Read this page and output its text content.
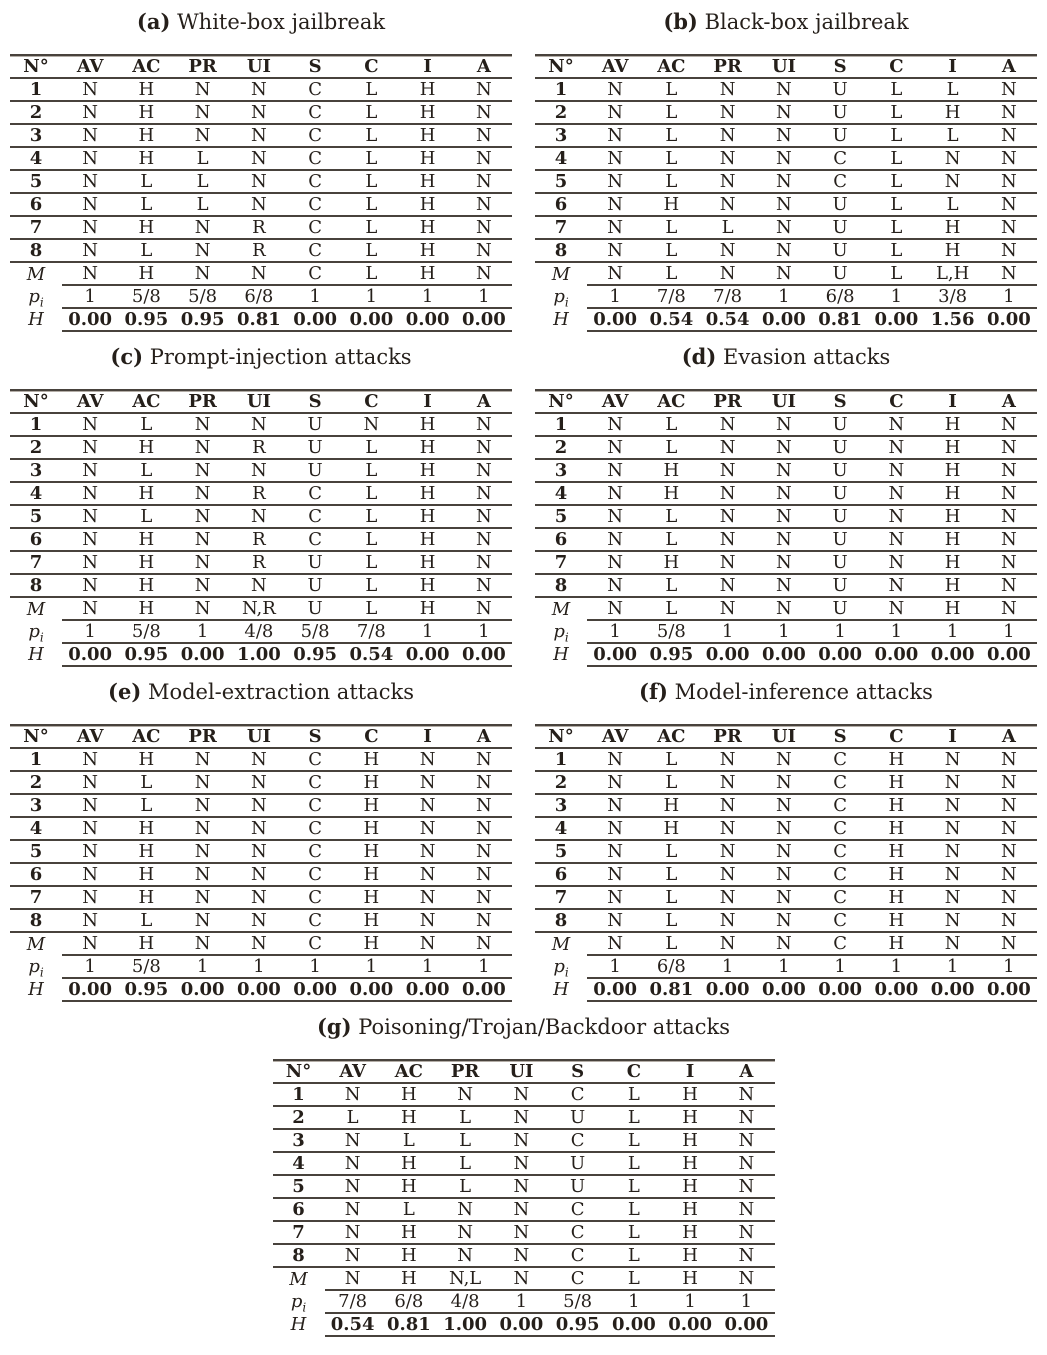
(a) White-box jailbreak
N°	AV	AC	PR	UI	S	C	I	A
1	N	H	N	N	C	L	H	N
2	N	H	N	N	C	L	H	N
3	N	H	N	N	C	L	H	N
4	N	H	L	N	C	L	H	N
5	N	L	L	N	C	L	H	N
6	N	L	L	N	C	L	H	N
7	N	H	N	R	C	L	H	N
8	N	L	N	R	C	L	H	N
M	N	H	N	N	C	L	H	N
$p_i$	1	5/8	5/8	6/8	1	1	1	1
H	0.00	0.95	0.95	0.81	0.00	0.00	0.00	0.00
(b) Black-box jailbreak
N°	AV	AC	PR	UI	S	C	I	A
1	N	L	N	N	U	L	L	N
2	N	L	N	N	U	L	H	N
3	N	L	N	N	U	L	L	N
4	N	L	N	N	C	L	N	N
5	N	L	N	N	C	L	N	N
6	N	H	N	N	U	L	L	N
7	N	L	L	N	U	L	H	N
8	N	L	N	N	U	L	H	N
M	N	L	N	N	U	L	L,H	N
$p_i$	1	7/8	7/8	1	6/8	1	3/8	1
H	0.00	0.54	0.54	0.00	0.81	0.00	1.56	0.00
(c) Prompt-injection attacks
N°	AV	AC	PR	UI	S	C	I	A
1	N	L	N	N	U	N	H	N
2	N	H	N	R	U	L	H	N
3	N	L	N	N	U	L	H	N
4	N	H	N	R	C	L	H	N
5	N	L	N	N	C	L	H	N
6	N	H	N	R	C	L	H	N
7	N	H	N	R	U	L	H	N
8	N	H	N	N	U	L	H	N
M	N	H	N	N,R	U	L	H	N
$p_i$	1	5/8	1	4/8	5/8	7/8	1	1
H	0.00	0.95	0.00	1.00	0.95	0.54	0.00	0.00
(d) Evasion attacks
N°	AV	AC	PR	UI	S	C	I	A
1	N	L	N	N	U	N	H	N
2	N	L	N	N	U	N	H	N
3	N	H	N	N	U	N	H	N
4	N	H	N	N	U	N	H	N
5	N	L	N	N	U	N	H	N
6	N	L	N	N	U	N	H	N
7	N	H	N	N	U	N	H	N
8	N	L	N	N	U	N	H	N
M	N	L	N	N	U	N	H	N
$p_i$	1	5/8	1	1	1	1	1	1
H	0.00	0.95	0.00	0.00	0.00	0.00	0.00	0.00
(e) Model-extraction attacks
N°	AV	AC	PR	UI	S	C	I	A
1	N	H	N	N	C	H	N	N
2	N	L	N	N	C	H	N	N
3	N	L	N	N	C	H	N	N
4	N	H	N	N	C	H	N	N
5	N	H	N	N	C	H	N	N
6	N	H	N	N	C	H	N	N
7	N	H	N	N	C	H	N	N
8	N	L	N	N	C	H	N	N
M	N	H	N	N	C	H	N	N
$p_i$	1	5/8	1	1	1	1	1	1
H	0.00	0.95	0.00	0.00	0.00	0.00	0.00	0.00
(f) Model-inference attacks
N°	AV	AC	PR	UI	S	C	I	A
1	N	L	N	N	C	H	N	N
2	N	L	N	N	C	H	N	N
3	N	H	N	N	C	H	N	N
4	N	H	N	N	C	H	N	N
5	N	L	N	N	C	H	N	N
6	N	L	N	N	C	H	N	N
7	N	L	N	N	C	H	N	N
8	N	L	N	N	C	H	N	N
M	N	L	N	N	C	H	N	N
$p_i$	1	6/8	1	1	1	1	1	1
H	0.00	0.81	0.00	0.00	0.00	0.00	0.00	0.00
(g) Poisoning/Trojan/Backdoor attacks
N°	AV	AC	PR	UI	S	C	I	A
1	N	H	N	N	C	L	H	N
2	L	H	L	N	U	L	H	N
3	N	L	L	N	C	L	H	N
4	N	H	L	N	U	L	H	N
5	N	H	L	N	U	L	H	N
6	N	L	N	N	C	L	H	N
7	N	H	N	N	C	L	H	N
8	N	H	N	N	C	L	H	N
M	N	H	N,L	N	C	L	H	N
$p_i$	7/8	6/8	4/8	1	5/8	1	1	1
H	0.54	0.81	1.00	0.00	0.95	0.00	0.00	0.00
